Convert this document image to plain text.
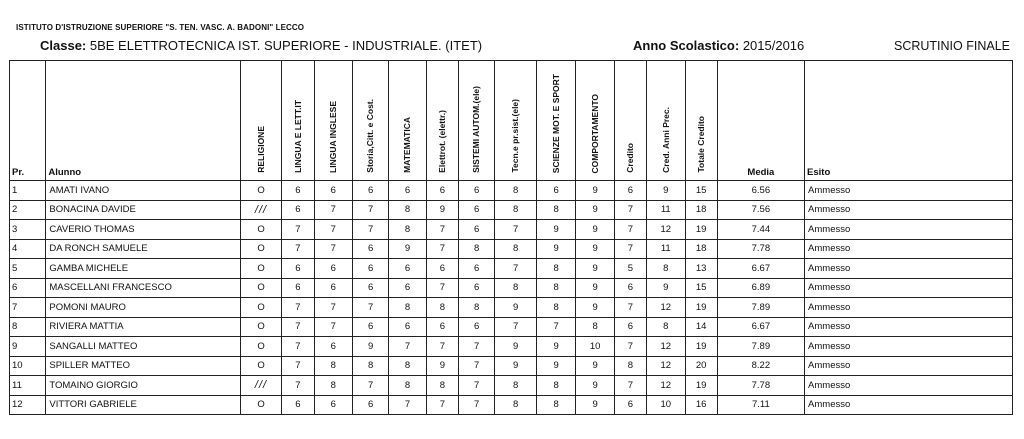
ISTITUTO D'ISTRUZIONE SUPERIORE "S. TEN. VASC. A. BADONI" LECCO
Classe: 5BE ELETTROTECNICA IST. SUPERIORE - INDUSTRIALE. (ITET)	Anno Scolastico: 2015/2016	SCRUTINIO FINALE
Pr.	Alunno	RELIGIONE	LINGUA E LETT.IT	LINGUA INGLESE	Storia,Citt. e Cost.	MATEMATICA	Elettrot. (elettr.)	SISTEMI AUTOM.(ele)	Tecn.e pr.sist.(ele)	SCIENZE MOT. E SPORT	COMPORTAMENTO	Credito	Cred. Anni Prec.	Totale Credito	Media	Esito
1	AMATI IVANO	O	6	6	6	6	6	6	8	6	9	6	9	15	6.56	Ammesso
2	BONACINA DAVIDE	///	6	7	7	8	9	6	8	8	9	7	11	18	7.56	Ammesso
3	CAVERIO THOMAS	O	7	7	7	8	7	6	7	9	9	7	12	19	7.44	Ammesso
4	DA RONCH SAMUELE	O	7	7	6	9	7	8	8	9	9	7	11	18	7.78	Ammesso
5	GAMBA MICHELE	O	6	6	6	6	6	6	7	8	9	5	8	13	6.67	Ammesso
6	MASCELLANI FRANCESCO	O	6	6	6	6	7	6	8	8	9	6	9	15	6.89	Ammesso
7	POMONI MAURO	O	7	7	7	8	8	8	9	8	9	7	12	19	7.89	Ammesso
8	RIVIERA MATTIA	O	7	7	6	6	6	6	7	7	8	6	8	14	6.67	Ammesso
9	SANGALLI MATTEO	O	7	6	9	7	7	7	9	9	10	7	12	19	7.89	Ammesso
10	SPILLER MATTEO	O	7	8	8	8	9	7	9	9	9	8	12	20	8.22	Ammesso
11	TOMAINO GIORGIO	///	7	8	7	8	8	7	8	8	9	7	12	19	7.78	Ammesso
12	VITTORI GABRIELE	O	6	6	6	7	7	7	8	8	9	6	10	16	7.11	Ammesso
